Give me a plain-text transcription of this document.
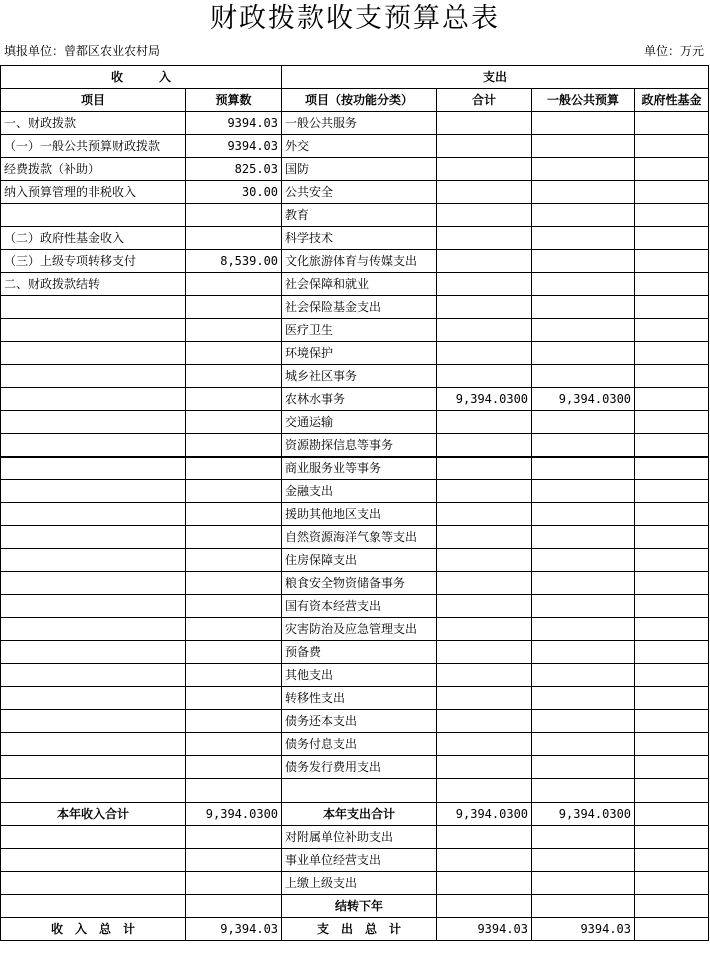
财政拨款收支预算总表
填报单位：曾都区农业农村局	单位：万元
收　　　入		支出			
项目	预算数	项目（按功能分类）	合计	一般公共预算	政府性基金
一、财政拨款	9394.03	一般公共服务			
（一）一般公共预算财政拨款	9394.03	外交			
经费拨款（补助）	825.03	国防			
纳入预算管理的非税收入	30.00	公共安全			
		教育			
（二）政府性基金收入		科学技术			
（三）上级专项转移支付	8,539.00	文化旅游体育与传媒支出			
二、财政拨款结转		社会保障和就业			
		社会保险基金支出			
		医疗卫生			
		环境保护			
		城乡社区事务			
		农林水事务	9,394.0300	9,394.0300	
		交通运输			
		资源勘探信息等事务			
		商业服务业等事务			
		金融支出			
		援助其他地区支出			
		自然资源海洋气象等支出			
		住房保障支出			
		粮食安全物资储备事务			
		国有资本经营支出			
		灾害防治及应急管理支出			
		预备费			
		其他支出			
		转移性支出			
		债务还本支出			
		债务付息支出			
		债务发行费用支出			

本年收入合计	9,394.0300	本年支出合计	9,394.0300	9,394.0300	
		对附属单位补助支出			
		事业单位经营支出			
		上缴上级支出			
		结转下年			
收　入　总　计	9,394.03	支　出　总　计	9394.03	9394.03	
